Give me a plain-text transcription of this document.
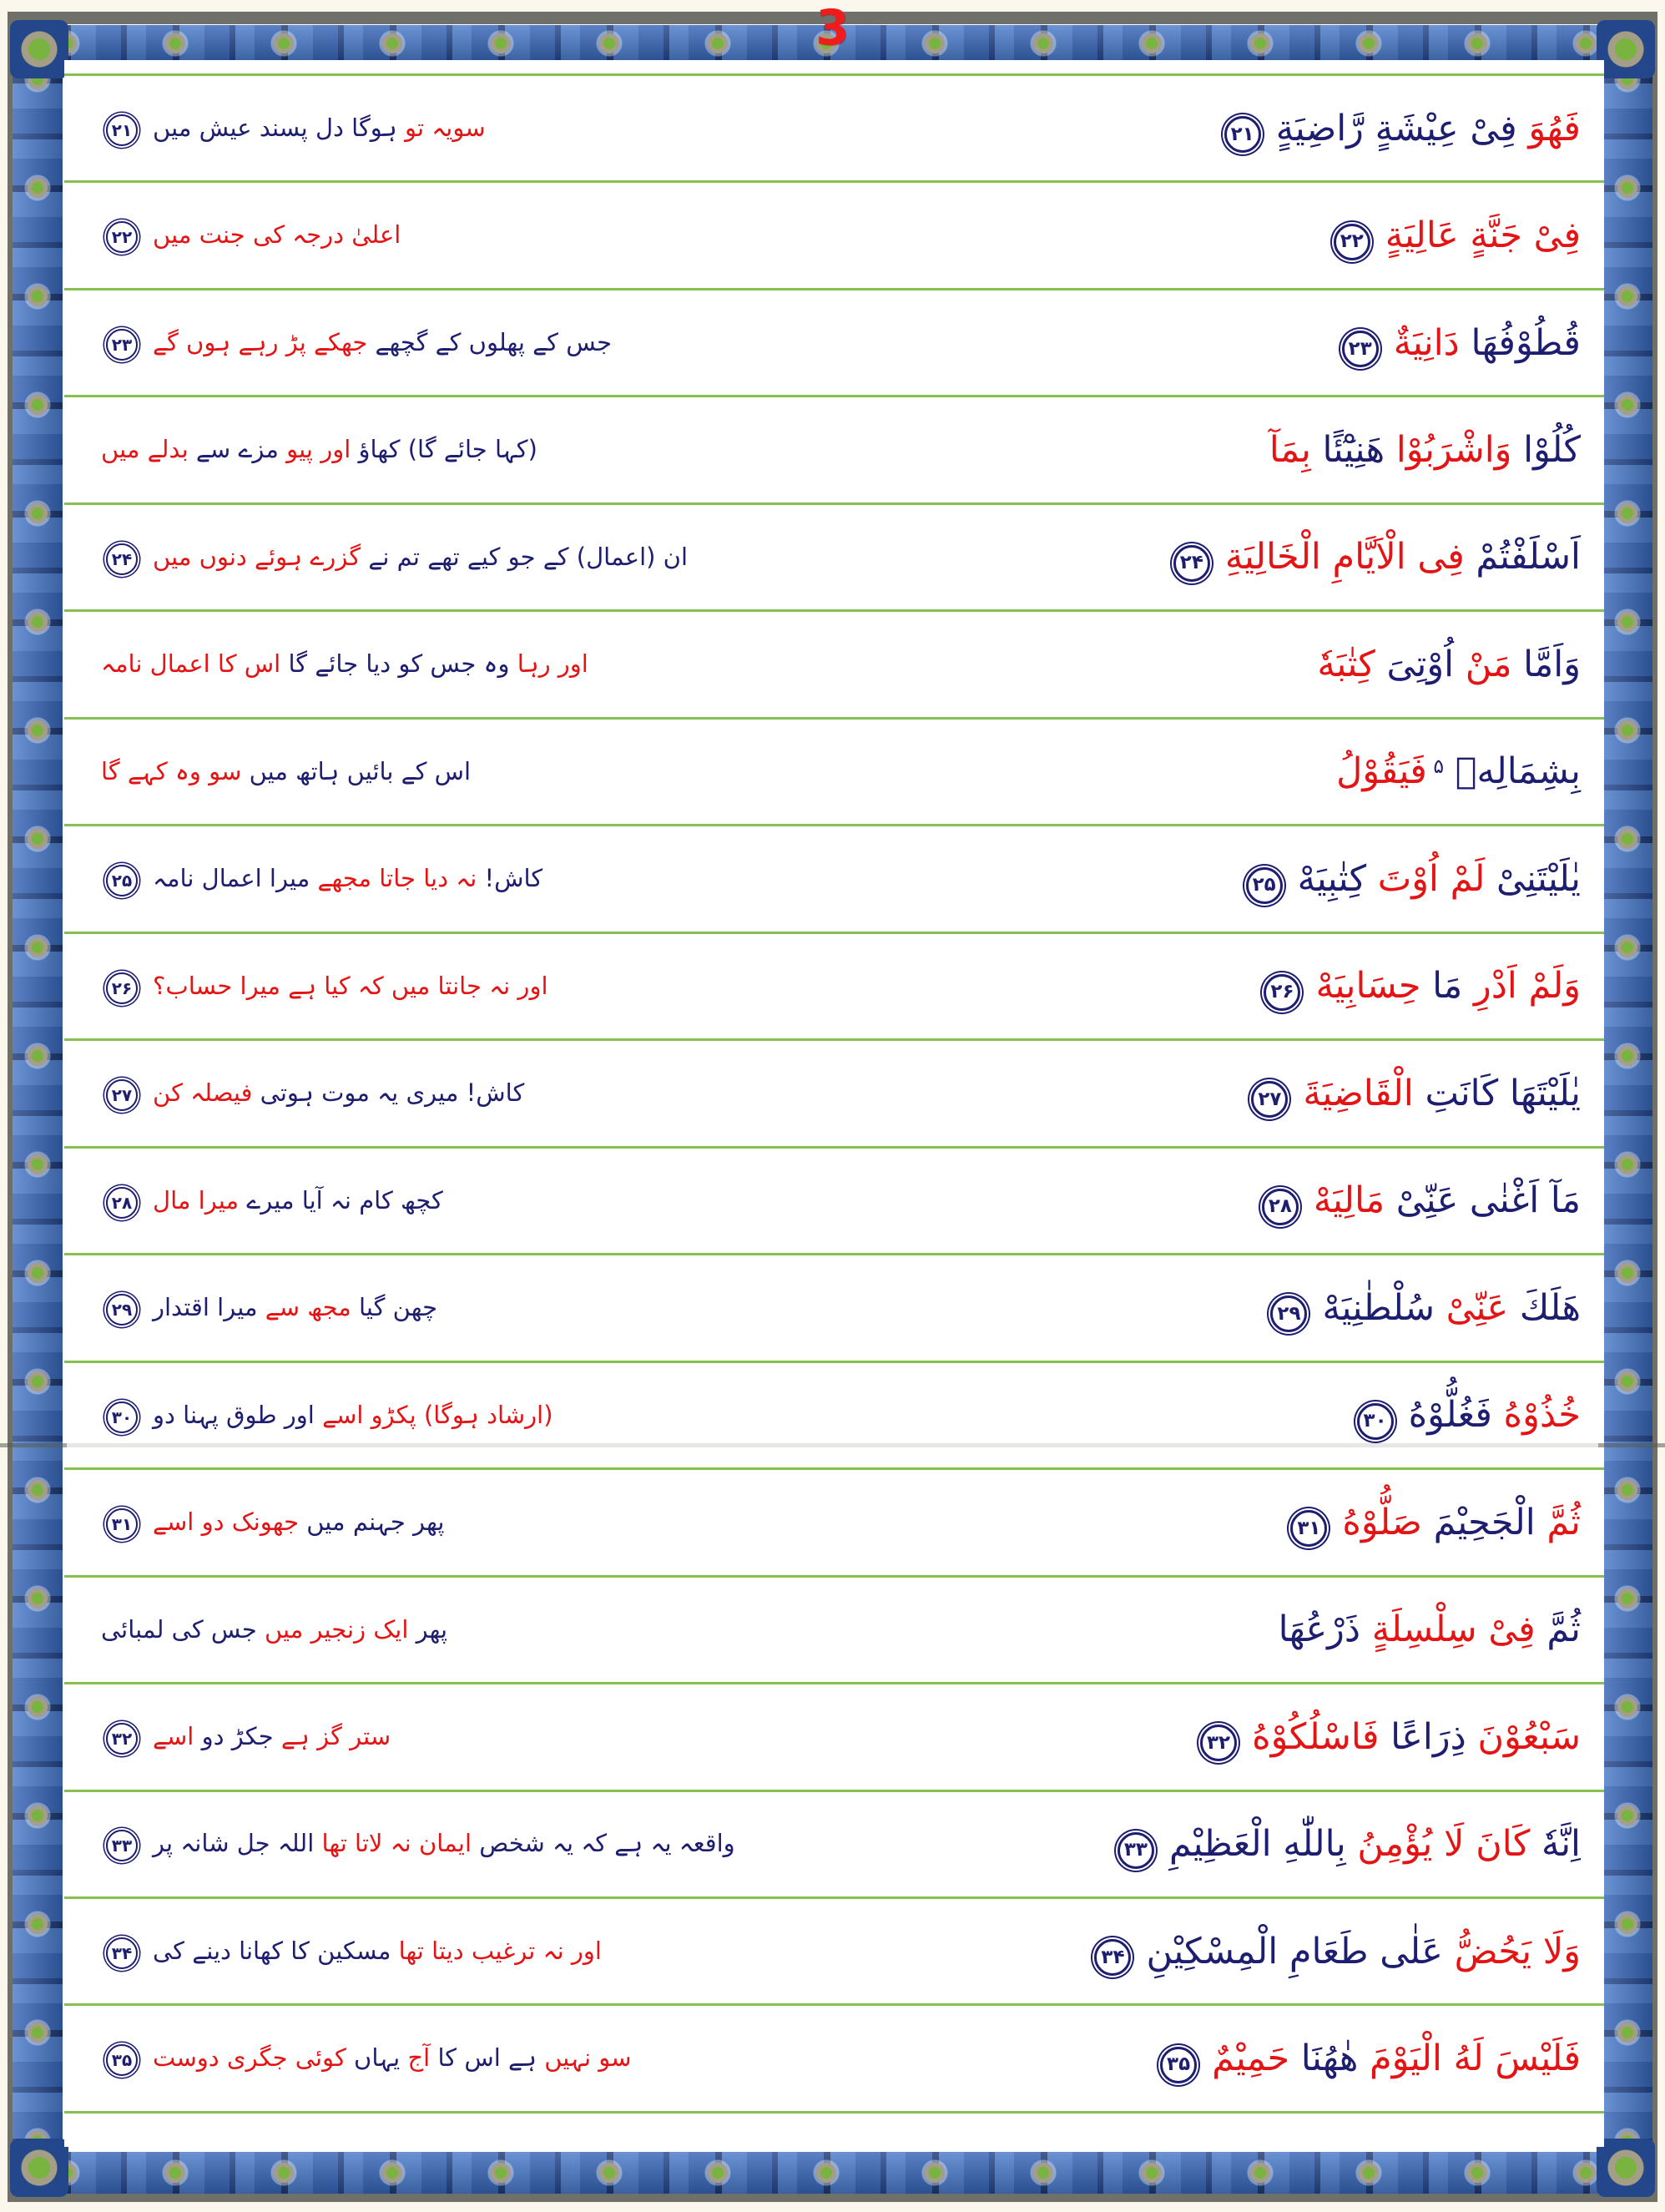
3
فَهُوَ فِىْ عِيْشَةٍ رَّاضِيَةٍ۲۱
سویہ تو ہوگا دل پسند عیش میں۲۱
فِىْ جَنَّةٍ عَالِيَةٍ۲۲
اعلیٰ درجہ کی جنت میں۲۲
قُطُوْفُهَا دَانِيَةٌ۲۳
جس کے پھلوں کے گچھے جھکے پڑ رہے ہوں گے۲۳
كُلُوْا وَاشْرَبُوْا هَنِيْٓئًا بِمَآ
(کہا جائے گا) کھاؤ اور پیو مزے سے بدلے میں
اَسْلَفْتُمْ فِى الْاَيَّامِ الْخَالِيَةِ۲۴
ان (اعمال) کے جو کیے تھے تم نے گزرے ہوئے دنوں میں۲۴
وَاَمَّا مَنْ اُوْتِىَ كِتٰبَهٗ
اور رہا وہ جس کو دیا جائے گا اس کا اعمال نامہ
بِشِمَالِهٖ $^۵$ فَيَقُوْلُ
اس کے بائیں ہاتھ میں سو وہ کہے گا
يٰلَيْتَنِىْ لَمْ اُوْتَ كِتٰبِيَهْ۲۵
کاش! نہ دیا جاتا مجھے میرا اعمال نامہ۲۵
وَلَمْ اَدْرِ مَا حِسَابِيَهْ۲۶
اور نہ جانتا میں کہ کیا ہے میرا حساب؟۲۶
يٰلَيْتَهَا كَانَتِ الْقَاضِيَةَ۲۷
کاش! میری یہ موت ہوتی فیصلہ کن۲۷
مَآ اَغْنٰى عَنِّىْ مَالِيَهْ۲۸
کچھ کام نہ آیا میرے میرا مال۲۸
هَلَكَ عَنِّىْ سُلْطٰنِيَهْ۲۹
چھن گیا مجھ سے میرا اقتدار۲۹
خُذُوْهُ فَغُلُّوْهُ۳۰
(ارشاد ہوگا) پکڑو اسے اور طوق پہنا دو۳۰
ثُمَّ الْجَحِيْمَ صَلُّوْهُ۳۱
پھر جہنم میں جھونک دو اسے۳۱
ثُمَّ فِىْ سِلْسِلَةٍ ذَرْعُهَا
پھر ایک زنجیر میں جس کی لمبائی
سَبْعُوْنَ ذِرَاعًا فَاسْلُكُوْهُ۳۲
ستر گز ہے جکڑ دو اسے۳۲
اِنَّهٗ كَانَ لَا يُؤْمِنُ بِاللّٰهِ الْعَظِيْمِ۳۳
واقعہ یہ ہے کہ یہ شخص ایمان نہ لاتا تھا اللہ جل شانہ پر۳۳
وَلَا يَحُضُّ عَلٰى طَعَامِ الْمِسْكِيْنِ۳۴
اور نہ ترغیب دیتا تھا مسکین کا کھانا دینے کی۳۴
فَلَيْسَ لَهُ الْيَوْمَ هٰهُنَا حَمِيْمٌ۳۵
سو نہیں ہے اس کا آج یہاں کوئی جگری دوست۳۵
